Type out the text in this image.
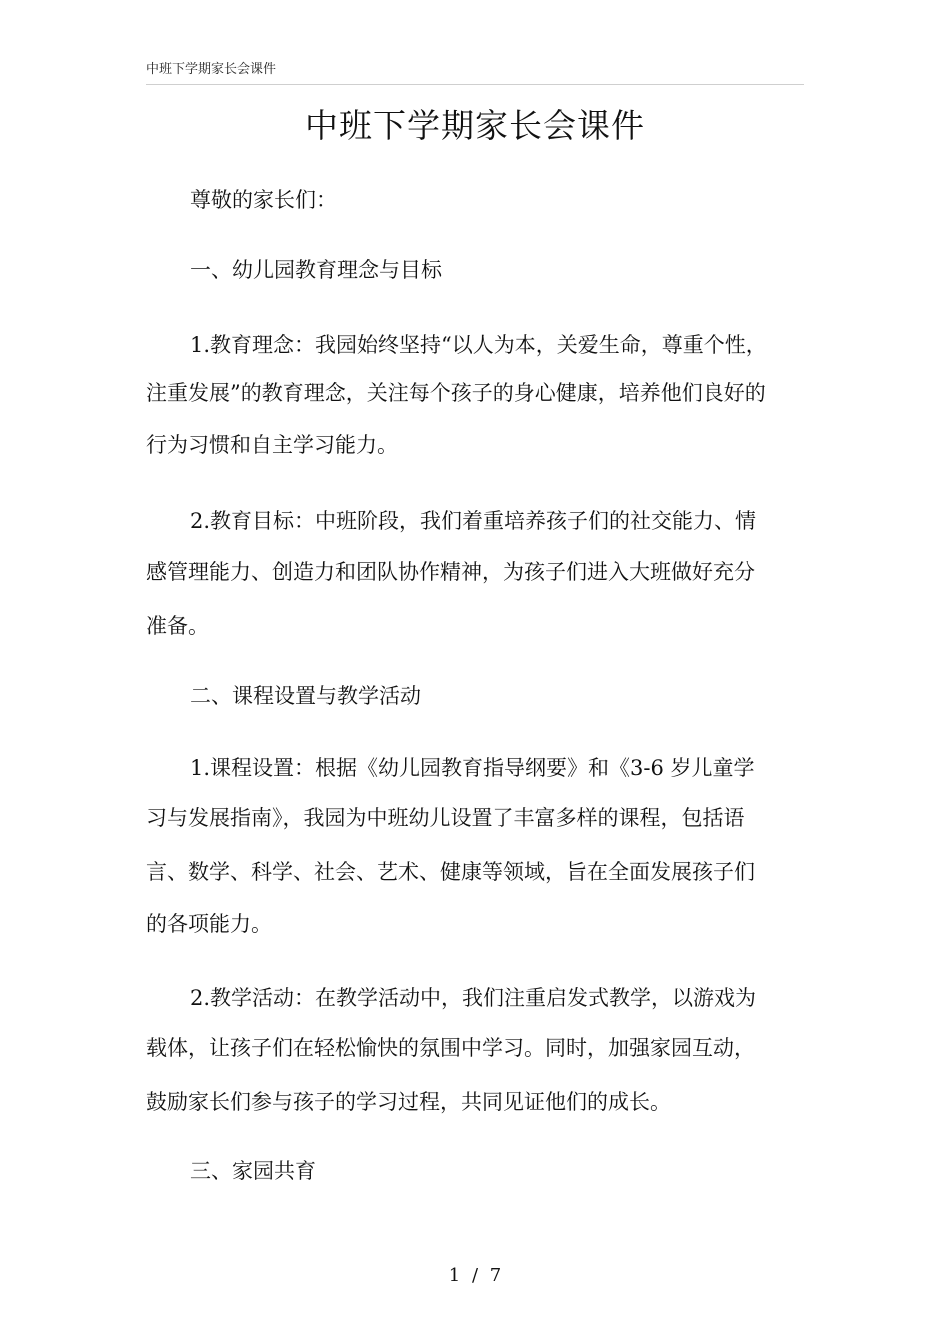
中班下学期家长会课件
中班下学期家长会课件

尊敬的家长们：

一、幼儿园教育理念与目标

1.教育理念：我园始终坚持“以人为本，关爱生命，尊重个性，

注重发展”的教育理念，关注每个孩子的身心健康，培养他们良好的

行为习惯和自主学习能力。

2.教育目标：中班阶段，我们着重培养孩子们的社交能力、情

感管理能力、创造力和团队协作精神，为孩子们进入大班做好充分

准备。

二、课程设置与教学活动

1.课程设置：根据《幼儿园教育指导纲要》和《3-6 岁儿童学

习与发展指南》，我园为中班幼儿设置了丰富多样的课程，包括语

言、数学、科学、社会、艺术、健康等领域，旨在全面发展孩子们

的各项能力。

2.教学活动：在教学活动中，我们注重启发式教学，以游戏为

载体，让孩子们在轻松愉快的氛围中学习。同时，加强家园互动，

鼓励家长们参与孩子的学习过程，共同见证他们的成长。

三、家园共育

1 / 7
